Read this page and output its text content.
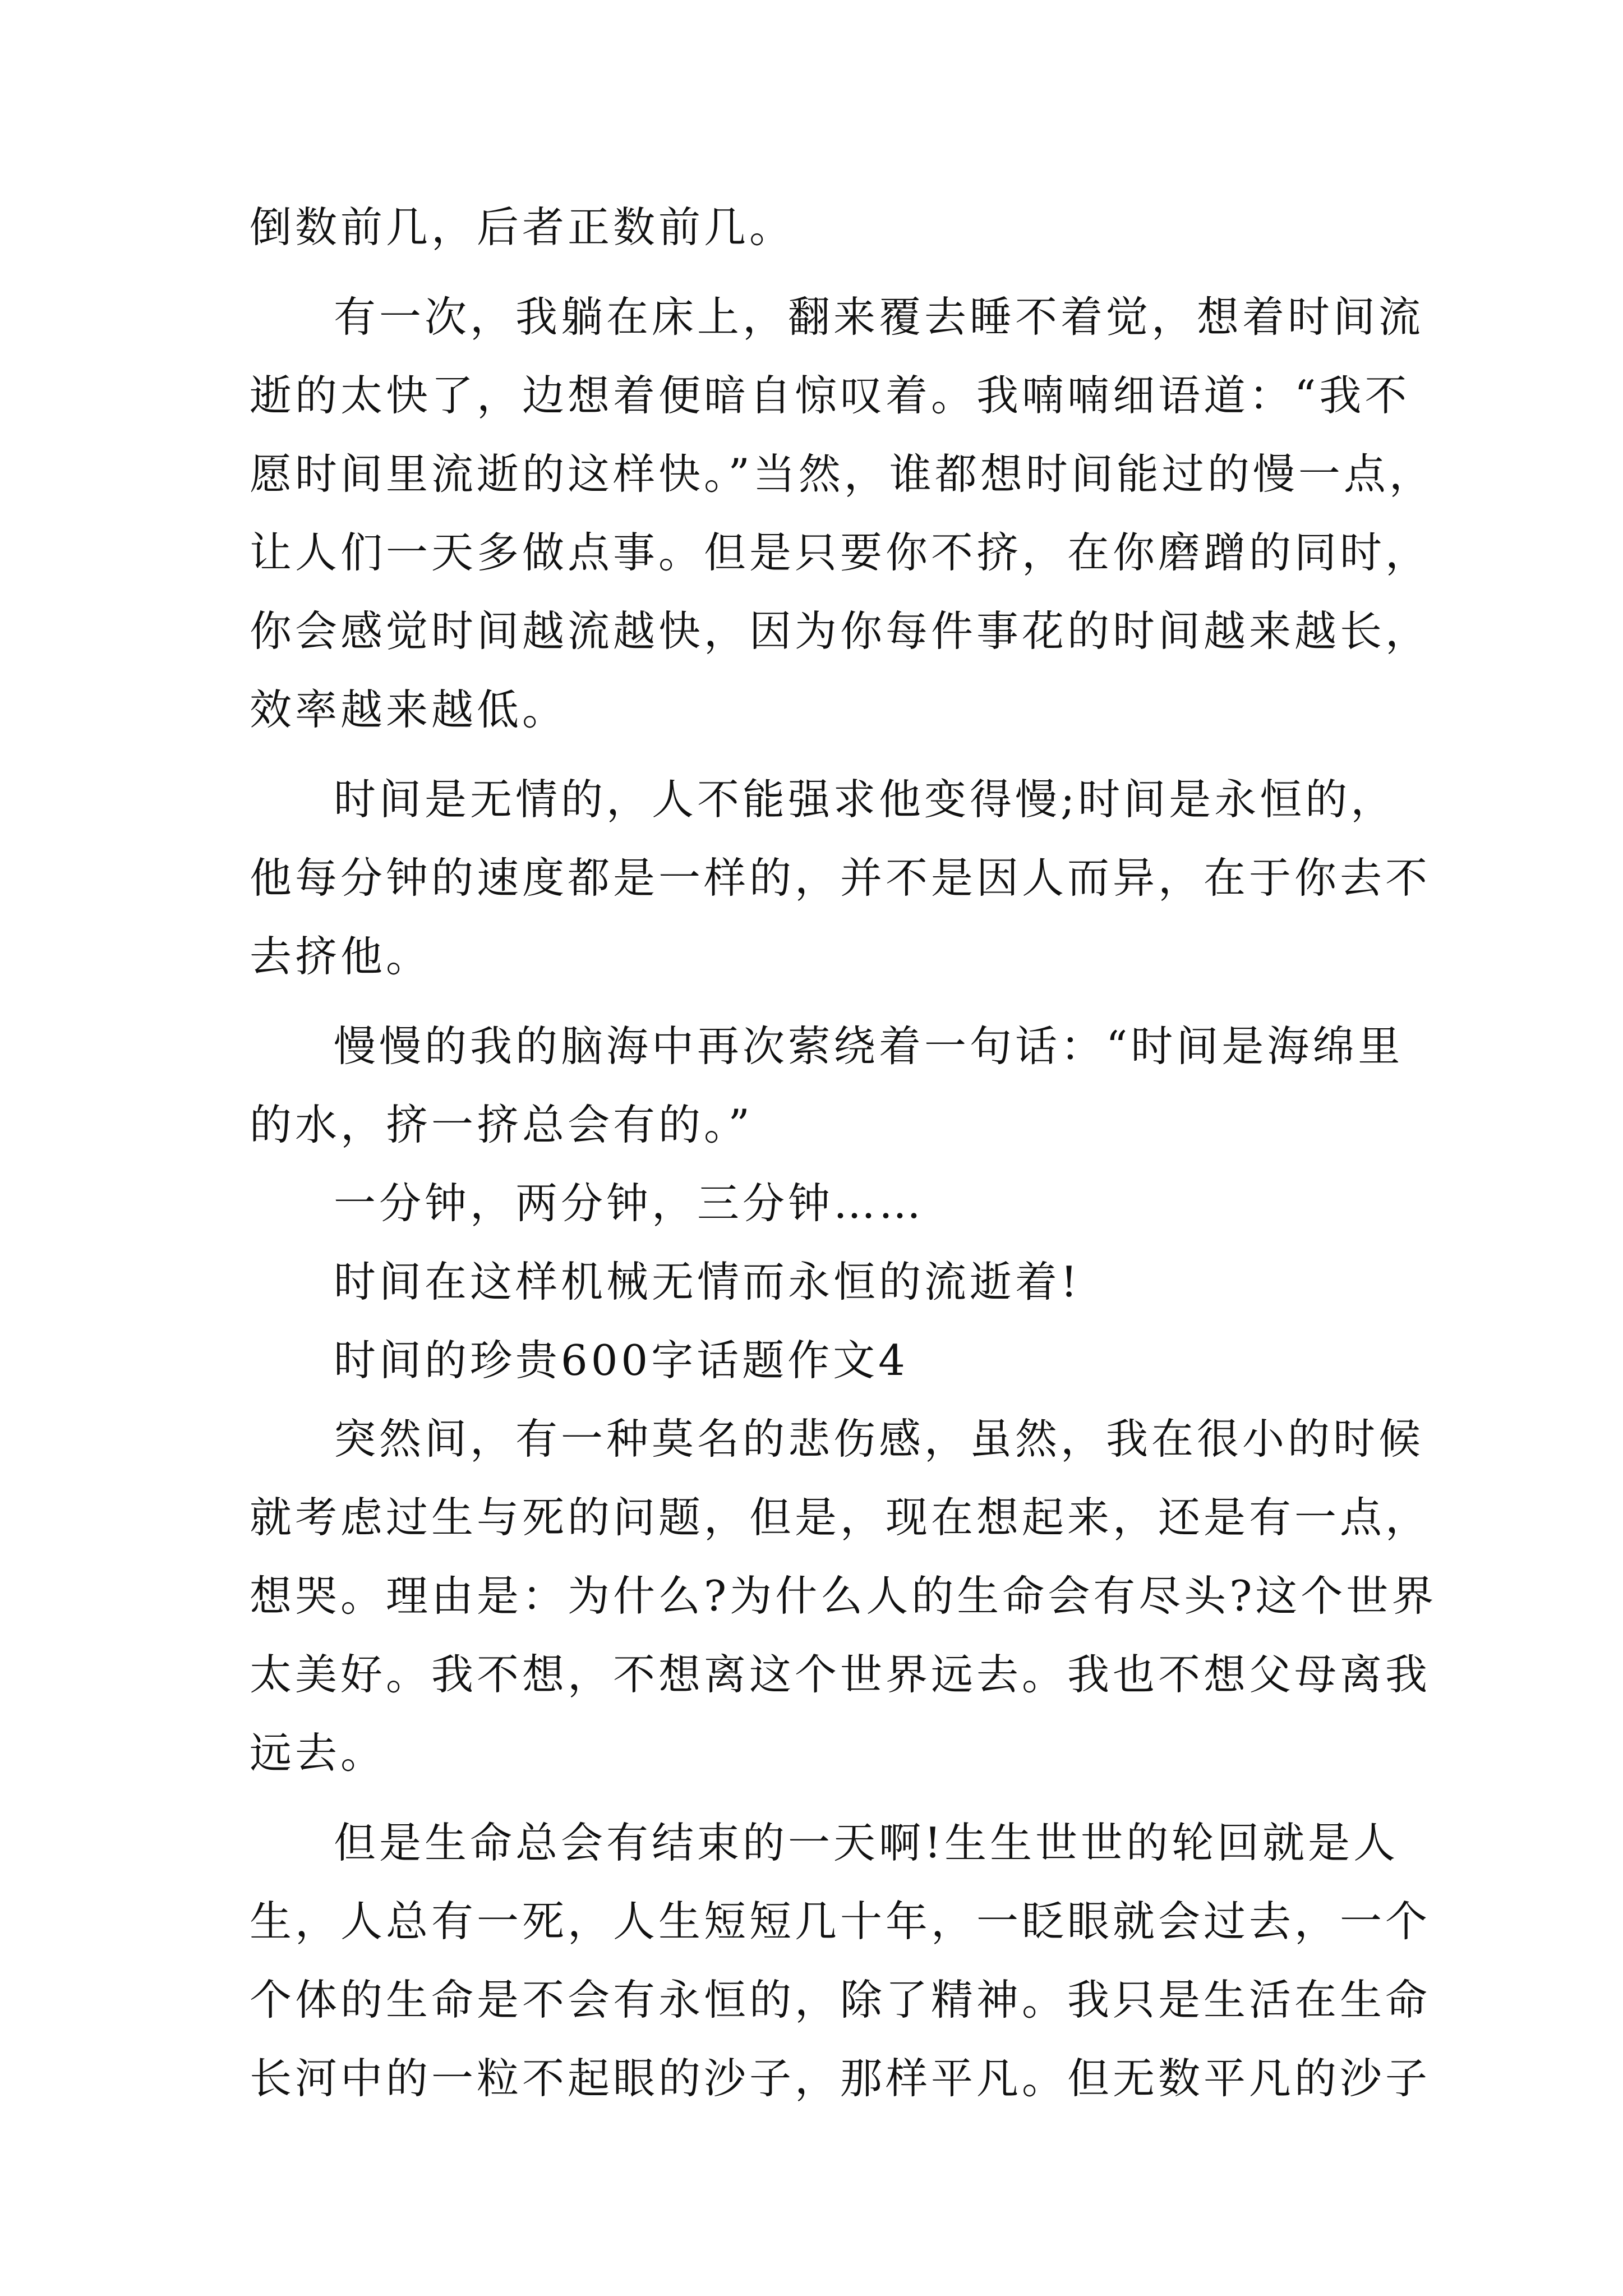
倒数前几，后者正数前几。
有一次，我躺在床上，翻来覆去睡不着觉，想着时间流
逝的太快了，边想着便暗自惊叹着。我喃喃细语道：“我不
愿时间里流逝的这样快。”当然，谁都想时间能过的慢一点，
让人们一天多做点事。但是只要你不挤，在你磨蹭的同时，
你会感觉时间越流越快，因为你每件事花的时间越来越长，
效率越来越低。
时间是无情的，人不能强求他变得慢;时间是永恒的，
他每分钟的速度都是一样的，并不是因人而异，在于你去不
去挤他。
慢慢的我的脑海中再次萦绕着一句话：“时间是海绵里
的水，挤一挤总会有的。”
一分钟，两分钟，三分钟……
时间在这样机械无情而永恒的流逝着!
时间的珍贵600字话题作文4
突然间，有一种莫名的悲伤感，虽然，我在很小的时候
就考虑过生与死的问题，但是，现在想起来，还是有一点，
想哭。理由是：为什么?为什么人的生命会有尽头?这个世界
太美好。我不想，不想离这个世界远去。我也不想父母离我
远去。
但是生命总会有结束的一天啊!生生世世的轮回就是人
生，人总有一死，人生短短几十年，一眨眼就会过去，一个
个体的生命是不会有永恒的，除了精神。我只是生活在生命
长河中的一粒不起眼的沙子，那样平凡。但无数平凡的沙子
